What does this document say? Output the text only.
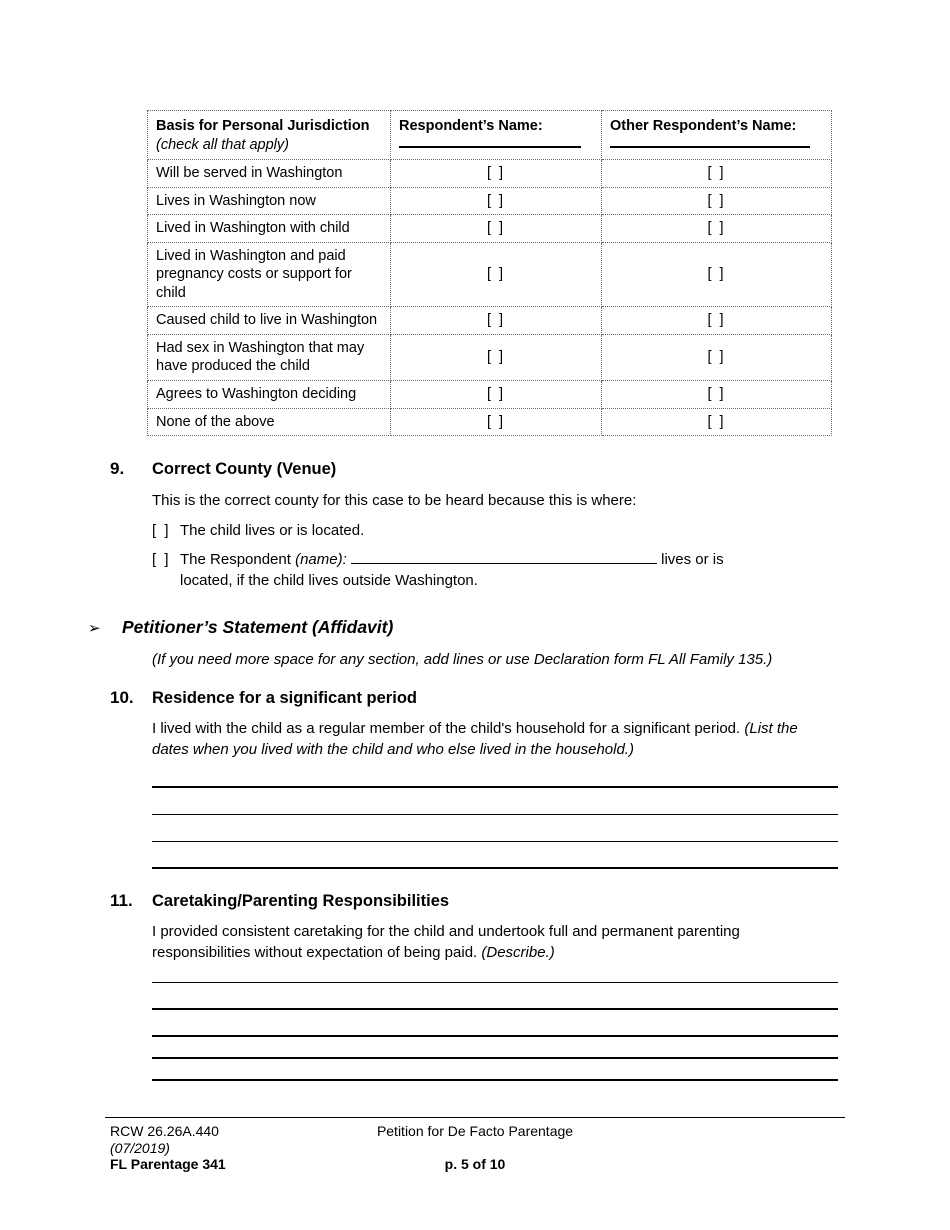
Basis for Personal Jurisdiction
(check all that apply)	Respondent’s Name:	Other Respondent’s Name:

Will be served in Washington	[ ]	[ ]
Lives in Washington now	[ ]	[ ]
Lived in Washington with child	[ ]	[ ]
Lived in Washington and paid pregnancy costs or support for child	[ ]	[ ]
Caused child to live in Washington	[ ]	[ ]
Had sex in Washington that may have produced the child	[ ]	[ ]
Agrees to Washington deciding	[ ]	[ ]
None of the above	[ ]	[ ]
9.	Correct County (Venue)

This is the correct county for this case to be heard because this is where:

[ ] The child lives or is located.
[ ] The Respondent (name):	lives or is
located, if the child lives outside Washington.
➢	Petitioner’s Statement (Affidavit)

(If you need more space for any section, add lines or use Declaration form FL All Family 135.)

10.	Residence for a significant period

I lived with the child as a regular member of the child's household for a significant period. (List the dates when you lived with the child and who else lived in the household.)

11.	Caretaking/Parenting Responsibilities

I provided consistent caretaking for the child and undertook full and permanent parenting responsibilities without expectation of being paid. (Describe.)

RCW 26.26A.440	Petition for De Facto Parentage
(07/2019)
FL Parentage 341	p. 5 of 10
